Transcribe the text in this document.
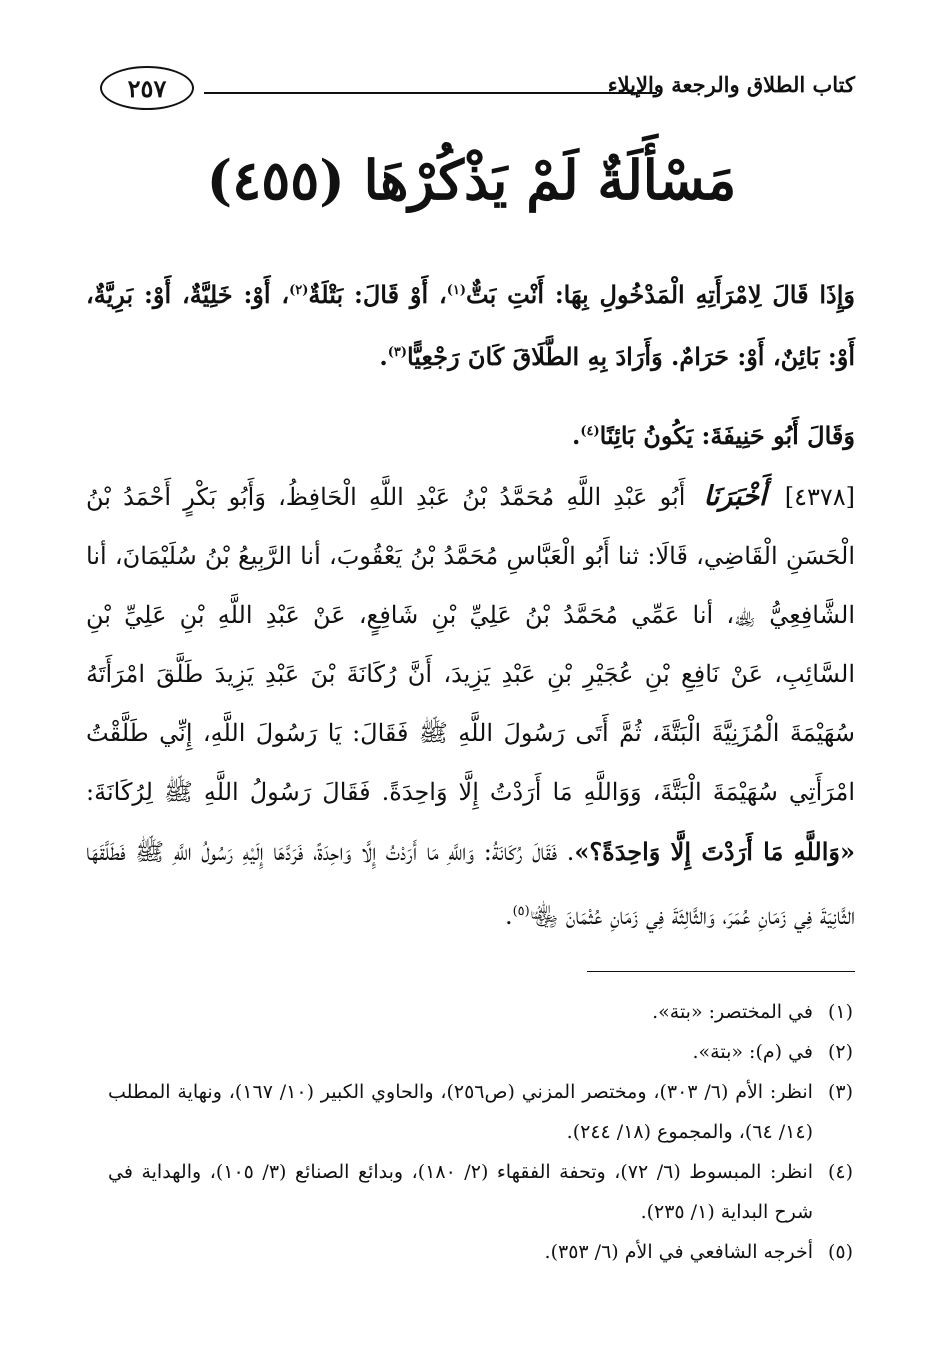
كتاب الطلاق والرجعة والإيلاء
٢٥٧
مَسْأَلَةٌ لَمْ يَذْكُرْهَا (٤٥٥)

وَإِذَا قَالَ لِامْرَأَتِهِ الْمَدْخُولِ بِهَا: أَنْتِ بَتٌّ$^{(١)}$، أَوْ قَالَ: بَتْلَةٌ$^{(٢)}$، أَوْ: خَلِيَّةٌ، أَوْ: بَرِيَّةٌ، أَوْ: بَائِنٌ، أَوْ: حَرَامٌ. وَأَرَادَ بِهِ الطَّلَاقَ كَانَ رَجْعِيًّا$^{(٣)}$.

وَقَالَ أَبُو حَنِيفَةَ: يَكُونُ بَائِنًا$^{(٤)}$.

[٤٣٧٨] أَخْبَرَنَا أَبُو عَبْدِ اللَّهِ مُحَمَّدُ بْنُ عَبْدِ اللَّهِ الْحَافِظُ، وَأَبُو بَكْرٍ أَحْمَدُ بْنُ الْحَسَنِ الْقَاضِي، قَالَا: ثنا أَبُو الْعَبَّاسِ مُحَمَّدُ بْنُ يَعْقُوبَ، أنا الرَّبِيعُ بْنُ سُلَيْمَانَ، أنا الشَّافِعِيُّ ﵀، أنا عَمِّي مُحَمَّدُ بْنُ عَلِيِّ بْنِ شَافِعٍ، عَنْ عَبْدِ اللَّهِ بْنِ عَلِيِّ بْنِ السَّائِبِ، عَنْ نَافِعِ بْنِ عُجَيْرِ بْنِ عَبْدِ يَزِيدَ، أَنَّ رُكَانَةَ بْنَ عَبْدِ يَزِيدَ طَلَّقَ امْرَأَتَهُ سُهَيْمَةَ الْمُزَنِيَّةَ الْبَتَّةَ، ثُمَّ أَتَى رَسُولَ اللَّهِ ﷺ فَقَالَ: يَا رَسُولَ اللَّهِ، إِنِّي طَلَّقْتُ امْرَأَتِي سُهَيْمَةَ الْبَتَّةَ، وَوَاللَّهِ مَا أَرَدْتُ إِلَّا وَاحِدَةً. فَقَالَ رَسُولُ اللَّهِ ﷺ لِرُكَانَةَ: «وَاللَّهِ مَا أَرَدْتَ إِلَّا وَاحِدَةً؟». فَقَالَ رُكَانَةُ: وَاللَّهِ مَا أَرَدْتُ إِلَّا وَاحِدَةً، فَرَدَّهَا إِلَيْهِ رَسُولُ اللَّهِ ﷺ فَطَلَّقَهَا الثَّانِيَةَ فِي زَمَانِ عُمَرَ، وَالثَّالِثَةَ فِي زَمَانِ عُثْمَانَ ﵄$^{(٥)}$.

(١)
في المختصر: «بتة».
(٢)
في (م): «بتة».
(٣)
انظر: الأم (٦/ ٣٠٣)، ومختصر المزني (ص٢٥٦)، والحاوي الكبير (١٠/ ١٦٧)، ونهاية المطلب (١٤/ ٦٤)، والمجموع (١٨/ ٢٤٤).
(٤)
انظر: المبسوط (٦/ ٧٢)، وتحفة الفقهاء (٢/ ١٨٠)، وبدائع الصنائع (٣/ ١٠٥)، والهداية في شرح البداية (١/ ٢٣٥).
(٥)
أخرجه الشافعي في الأم (٦/ ٣٥٣).
